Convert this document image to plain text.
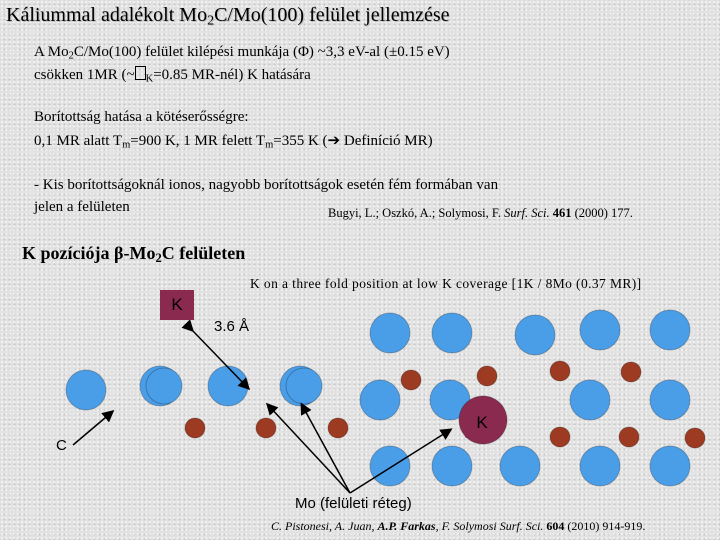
Káliummal adalékolt $Mo_2C/Mo(100)$ felület jellemzése
A $Mo_2C/Mo(100)$ felület kilépési munkája (Φ) ~3,3 eV-al (±0.15 eV)
csökken 1MR (~ $_K$=0.85 MR-nél) K hatására
Borítottság hatása a kötéserősségre:
0,1 MR alatt $T_m=900$ K, 1 MR felett $T_m=355$ K (➔ Definíció MR)
- Kis borítottságoknál ionos, nagyobb borítottságok esetén fém formában van
jelen a felületen	Bugyi, L.; Oszkó, A.; Solymosi, F. Surf. Sci. 461 (2000) 177.
K pozíciója $\beta-Mo_2C$ felületen
K on a three fold position at low K coverage [1K / 8Mo (0.37 MR)]
K
3.6 Å
K
C
Mo (felületi réteg)
C. Pistonesi, A. Juan, A.P. Farkas, F. Solymosi Surf. Sci. 604 (2010) 914-919.
